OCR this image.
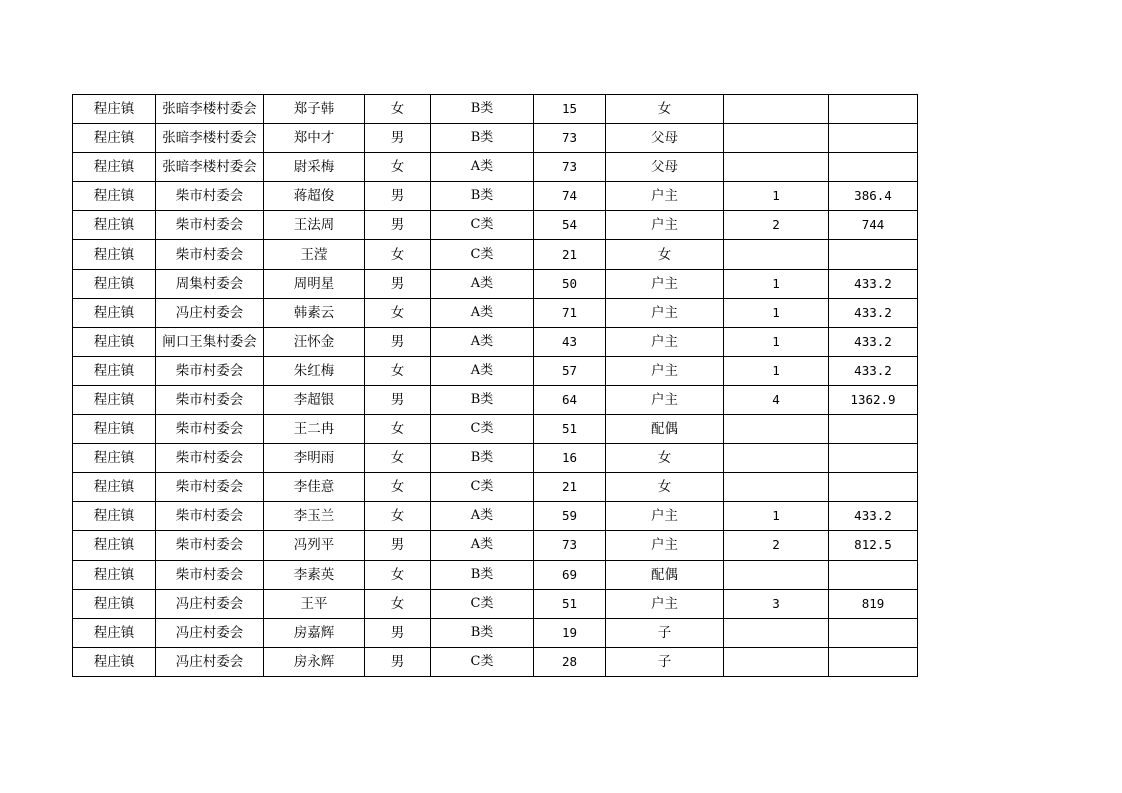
程庄镇	张暗李楼村委会	郑子韩	女	B类	15	女		
程庄镇	张暗李楼村委会	郑中才	男	B类	73	父母		
程庄镇	张暗李楼村委会	尉采梅	女	A类	73	父母		
程庄镇	柴市村委会	蒋超俊	男	B类	74	户主	1	386.4
程庄镇	柴市村委会	王法周	男	C类	54	户主	2	744
程庄镇	柴市村委会	王滢	女	C类	21	女		
程庄镇	周集村委会	周明星	男	A类	50	户主	1	433.2
程庄镇	冯庄村委会	韩素云	女	A类	71	户主	1	433.2
程庄镇	闸口王集村委会	汪怀金	男	A类	43	户主	1	433.2
程庄镇	柴市村委会	朱红梅	女	A类	57	户主	1	433.2
程庄镇	柴市村委会	李超银	男	B类	64	户主	4	1362.9
程庄镇	柴市村委会	王二冉	女	C类	51	配偶		
程庄镇	柴市村委会	李明雨	女	B类	16	女		
程庄镇	柴市村委会	李佳意	女	C类	21	女		
程庄镇	柴市村委会	李玉兰	女	A类	59	户主	1	433.2
程庄镇	柴市村委会	冯列平	男	A类	73	户主	2	812.5
程庄镇	柴市村委会	李素英	女	B类	69	配偶		
程庄镇	冯庄村委会	王平	女	C类	51	户主	3	819
程庄镇	冯庄村委会	房嘉辉	男	B类	19	子		
程庄镇	冯庄村委会	房永辉	男	C类	28	子		
